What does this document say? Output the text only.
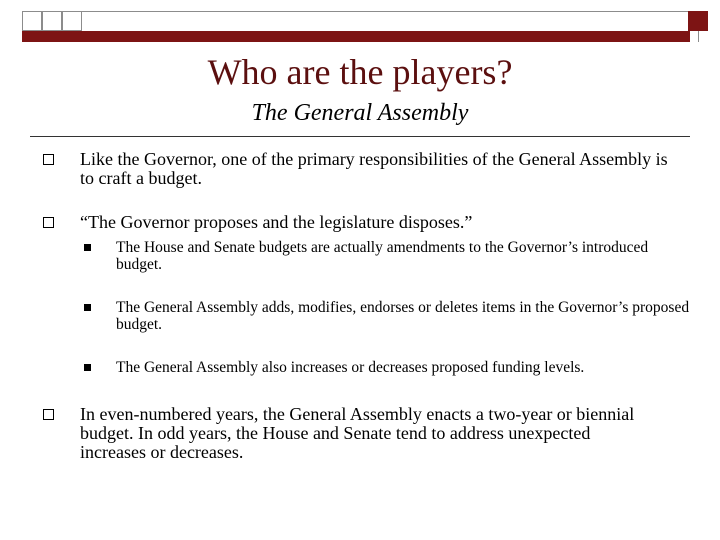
Who are the players?
The General Assembly
Like the Governor, one of the primary responsibilities of the General Assembly is to craft a budget.
“The Governor proposes and the legislature disposes.”
The House and Senate budgets are actually amendments to the Governor’s introduced budget.
The General Assembly adds, modifies, endorses or deletes items in the Governor’s proposed budget.
The General Assembly also increases or decreases proposed funding levels.
In even-numbered years, the General Assembly enacts a two-year or biennial budget. In odd years, the House and Senate tend to address unexpected increases or decreases.
